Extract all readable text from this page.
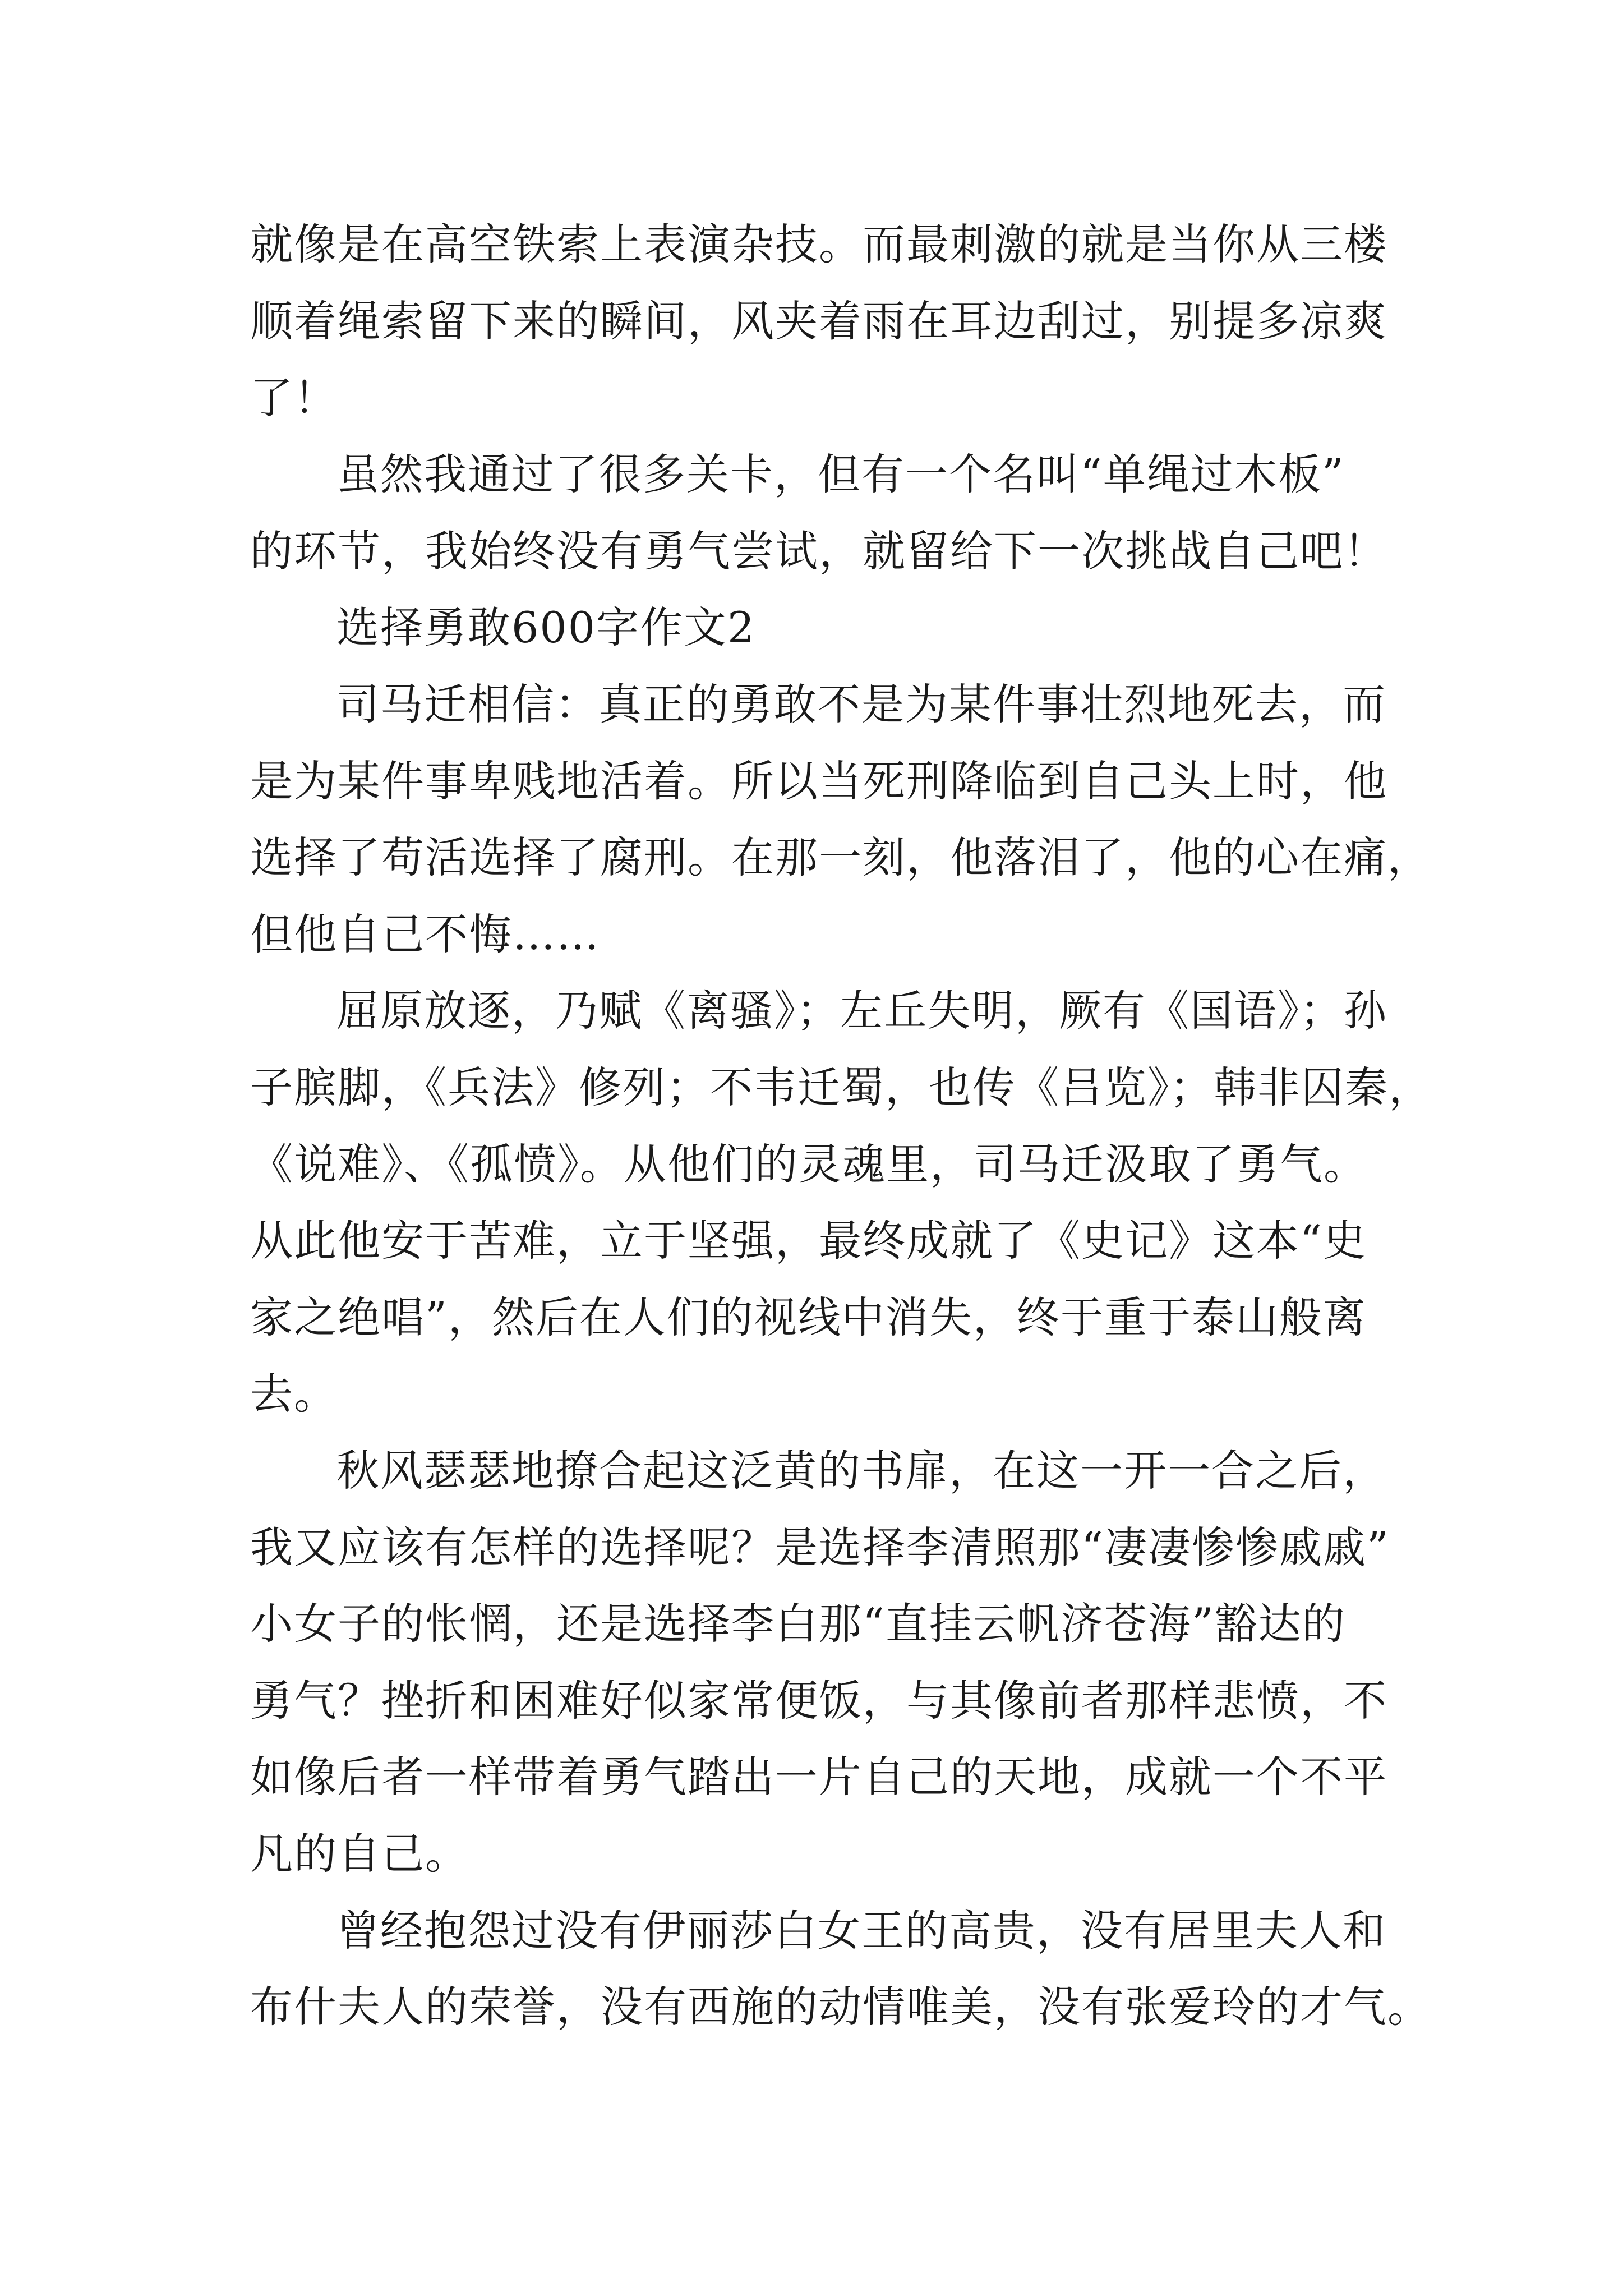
就像是在高空铁索上表演杂技。而最刺激的就是当你从三楼
顺着绳索留下来的瞬间，风夹着雨在耳边刮过，别提多凉爽
了！
虽然我通过了很多关卡，但有一个名叫“单绳过木板”
的环节，我始终没有勇气尝试，就留给下一次挑战自己吧！
选择勇敢600字作文2
司马迁相信：真正的勇敢不是为某件事壮烈地死去，而
是为某件事卑贱地活着。所以当死刑降临到自己头上时，他
选择了苟活选择了腐刑。在那一刻，他落泪了，他的心在痛，
但他自己不悔……
屈原放逐，乃赋《离骚》；左丘失明，厥有《国语》；孙
子膑脚，《兵法》修列；不韦迁蜀，也传《吕览》；韩非囚秦，
《说难》、《孤愤》。从他们的灵魂里，司马迁汲取了勇气。
从此他安于苦难，立于坚强，最终成就了《史记》这本“史
家之绝唱”，然后在人们的视线中消失，终于重于泰山般离
去。
秋风瑟瑟地撩合起这泛黄的书扉，在这一开一合之后，
我又应该有怎样的选择呢？是选择李清照那“凄凄惨惨戚戚”
小女子的怅惘，还是选择李白那“直挂云帆济苍海”豁达的
勇气？挫折和困难好似家常便饭，与其像前者那样悲愤，不
如像后者一样带着勇气踏出一片自己的天地，成就一个不平
凡的自己。
曾经抱怨过没有伊丽莎白女王的高贵，没有居里夫人和
布什夫人的荣誉，没有西施的动情唯美，没有张爱玲的才气。
